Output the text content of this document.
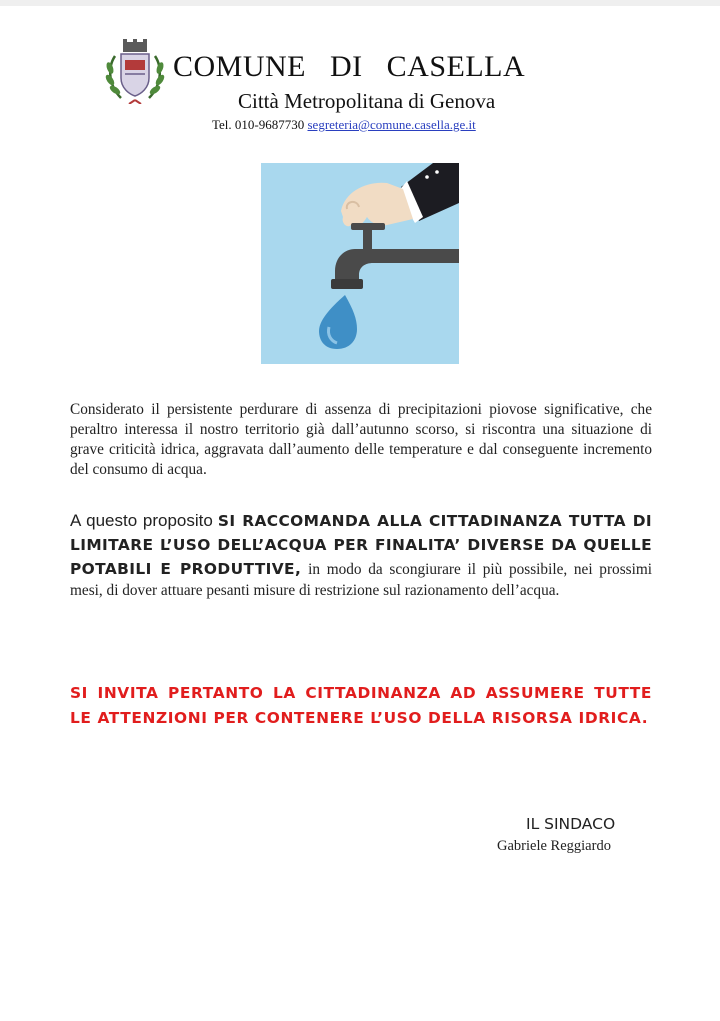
COMUNE   DI   CASELLA
Città Metropolitana di Genova
Tel. 010-9687730 segreteria@comune.casella.ge.it
Considerato il persistente perdurare di assenza di precipitazioni piovose significative, che peraltro interessa il nostro territorio già dall’autunno scorso, si riscontra una situazione di grave criticità idrica, aggravata dall’aumento delle temperature e dal conseguente incremento del consumo di acqua.
A questo proposito SI RACCOMANDA ALLA CITTADINANZA TUTTA DI LIMITARE L’USO DELL’ACQUA PER FINALITA’ DIVERSE DA QUELLE POTABILI E PRODUTTIVE, in modo da scongiurare il più possibile, nei prossimi mesi, di dover attuare pesanti misure di restrizione sul razionamento dell’acqua.
SI INVITA PERTANTO LA CITTADINANZA AD ASSUMERE TUTTE LE ATTENZIONI PER CONTENERE L’USO DELLA RISORSA IDRICA.
IL SINDACO
Gabriele Reggiardo
